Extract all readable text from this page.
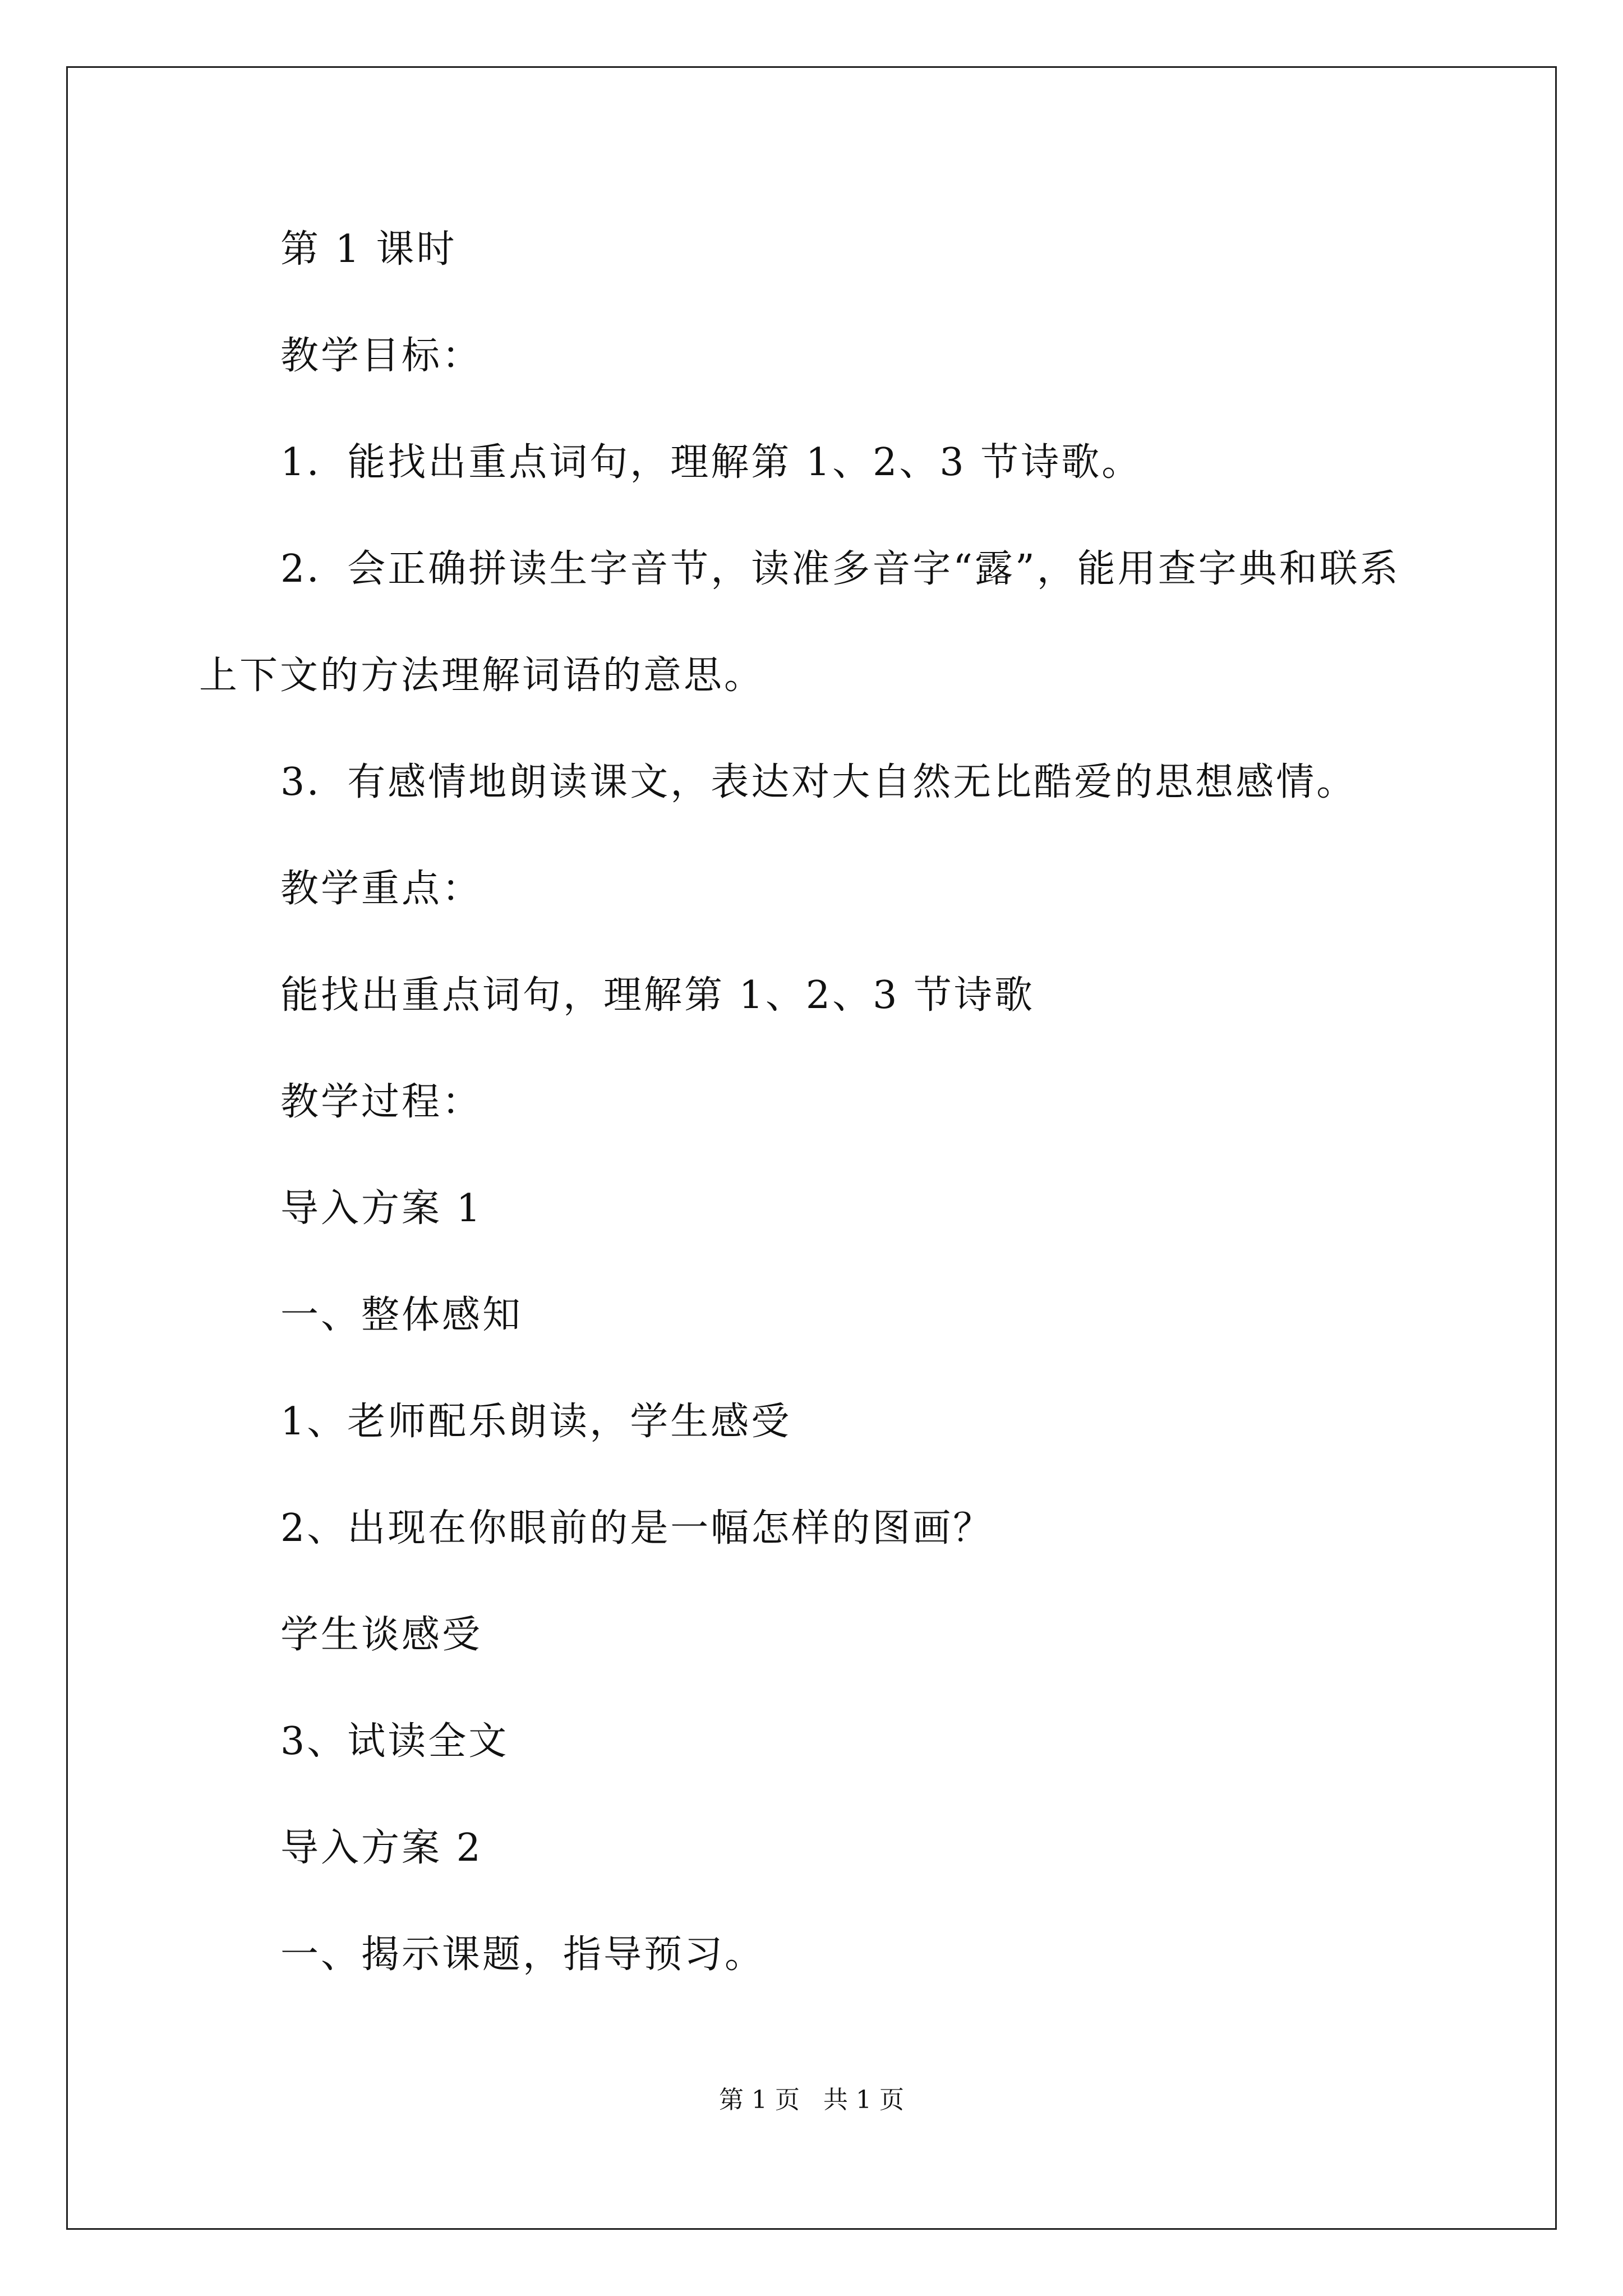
第 1 课时
教学目标：
1．能找出重点词句，理解第 1、2、3 节诗歌。
2．会正确拼读生字音节，读准多音字“露”，能用查字典和联系
上下文的方法理解词语的意思。
3．有感情地朗读课文，表达对大自然无比酷爱的思想感情。
教学重点：
能找出重点词句，理解第 1、2、3 节诗歌
教学过程：
导入方案 1
一、整体感知
1、老师配乐朗读，学生感受
2、出现在你眼前的是一幅怎样的图画？
学生谈感受
3、试读全文
导入方案 2
一、揭示课题，指导预习。
第 1 页 共 1 页
